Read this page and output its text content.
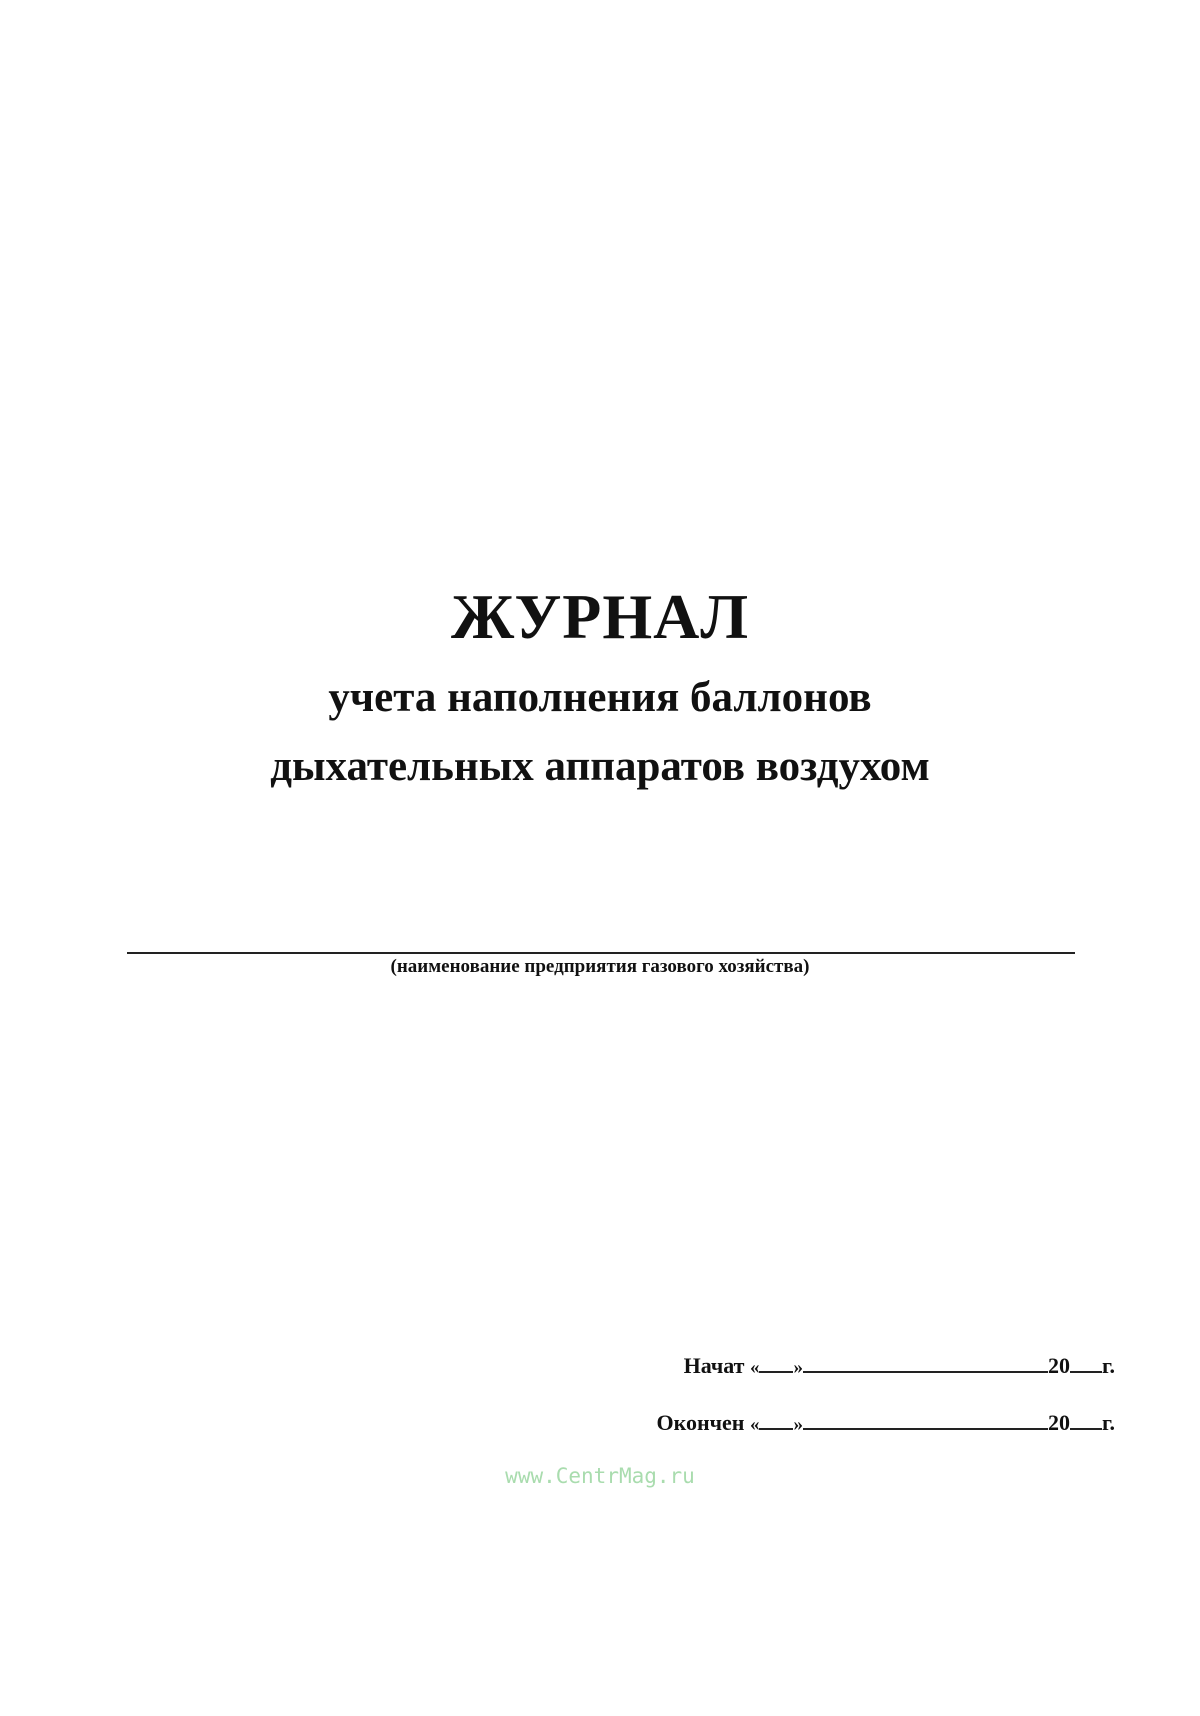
ЖУРНАЛ
учета наполнения баллонов
дыхательных аппаратов воздухом
(наименование предприятия газового хозяйства)
Начат « »	20 г.
Окончен « »	20 г.
www.CentrMag.ru
